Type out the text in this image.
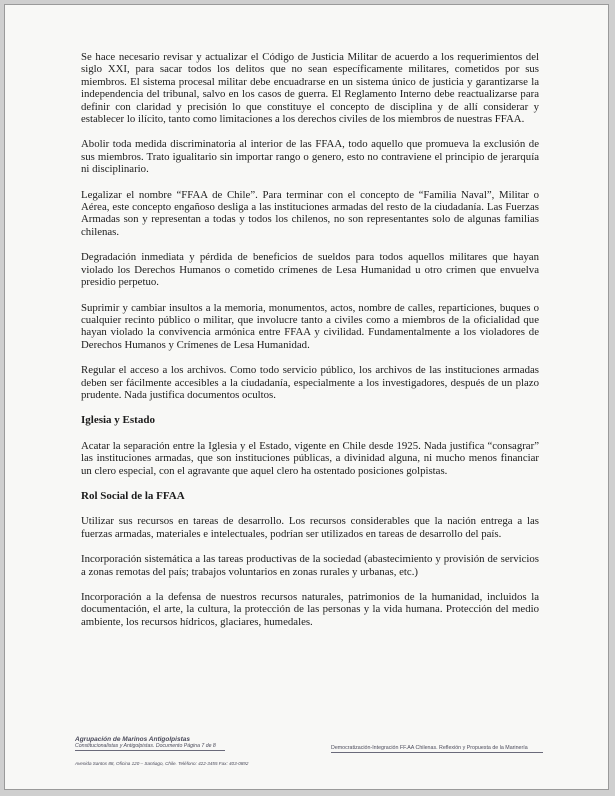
Se hace necesario revisar y actualizar el Código de Justicia Militar de acuerdo a los requerimientos del siglo XXI, para sacar todos los delitos que no sean específicamente militares, cometidos por sus miembros. El sistema procesal militar debe encuadrarse en un sistema único de justicia y garantizarse la independencia del tribunal, salvo en los casos de guerra. El Reglamento Interno debe reactualizarse para definir con claridad y precisión lo que constituye el concepto de disciplina y de allí considerar y establecer lo ilícito, tanto como limitaciones a los derechos civiles de los miembros de nuestras FFAA.

Abolir toda medida discriminatoria al interior de las FFAA, todo aquello que promueva la exclusión de sus miembros. Trato igualitario sin importar rango o genero, esto no contraviene el principio de jerarquía ni disciplinario.

Legalizar el nombre “FFAA de Chile”. Para terminar con el concepto de “Familia Naval”, Militar o Aérea, este concepto engañoso desliga a las instituciones armadas del resto de la ciudadanía. Las Fuerzas Armadas son y representan a todas y todos los chilenos, no son representantes solo de algunas familias chilenas.

Degradación inmediata y pérdida de beneficios de sueldos para todos aquellos militares que hayan violado los Derechos Humanos o cometido crímenes de Lesa Humanidad u otro crimen que envuelva presidio perpetuo.

Suprimir y cambiar insultos a la memoria, monumentos, actos, nombre de calles, reparticiones, buques o cualquier recinto público o militar, que involucre tanto a civiles como a miembros de la oficialidad que hayan violado la convivencia armónica entre FFAA y civilidad. Fundamentalmente a los violadores de Derechos Humanos y Crímenes de Lesa Humanidad.

Regular el acceso a los archivos. Como todo servicio público, los archivos de las instituciones armadas deben ser fácilmente accesibles a la ciudadanía, especialmente a los investigadores, después de un plazo prudente. Nada justifica documentos ocultos.

Iglesia y Estado

Acatar la separación entre la Iglesia y el Estado, vigente en Chile desde 1925. Nada justifica “consagrar” las instituciones armadas, que son instituciones públicas, a divinidad alguna, ni mucho menos financiar un clero especial, con el agravante que aquel clero ha ostentado posiciones golpistas.

Rol Social de la FFAA

Utilizar sus recursos en tareas de desarrollo. Los recursos considerables que la nación entrega a las fuerzas armadas, materiales e intelectuales, podrían ser utilizados en tareas de desarrollo del país.

Incorporación sistemática a las tareas productivas de la sociedad (abastecimiento y provisión de servicios a zonas remotas del país; trabajos voluntarios en zonas rurales y urbanas, etc.)

Incorporación a la defensa de nuestros recursos naturales, patrimonios de la humanidad, incluidos la documentación, el arte, la cultura, la protección de las personas y la vida humana. Protección del medio ambiente, los recursos hídricos, glaciares, humedales.

Agrupación de Marinos Antigolpistas
Constitucionalistas y Antigolpistas. Documento Página 7 de 8
Avenida Santos 88, Oficina 120 – Santiago, Chile. Teléfono: 422-3455 Fax: 403-0892
Democratización-Integración FF.AA Chilenas. Reflexión y Propuesta de la Marinería
